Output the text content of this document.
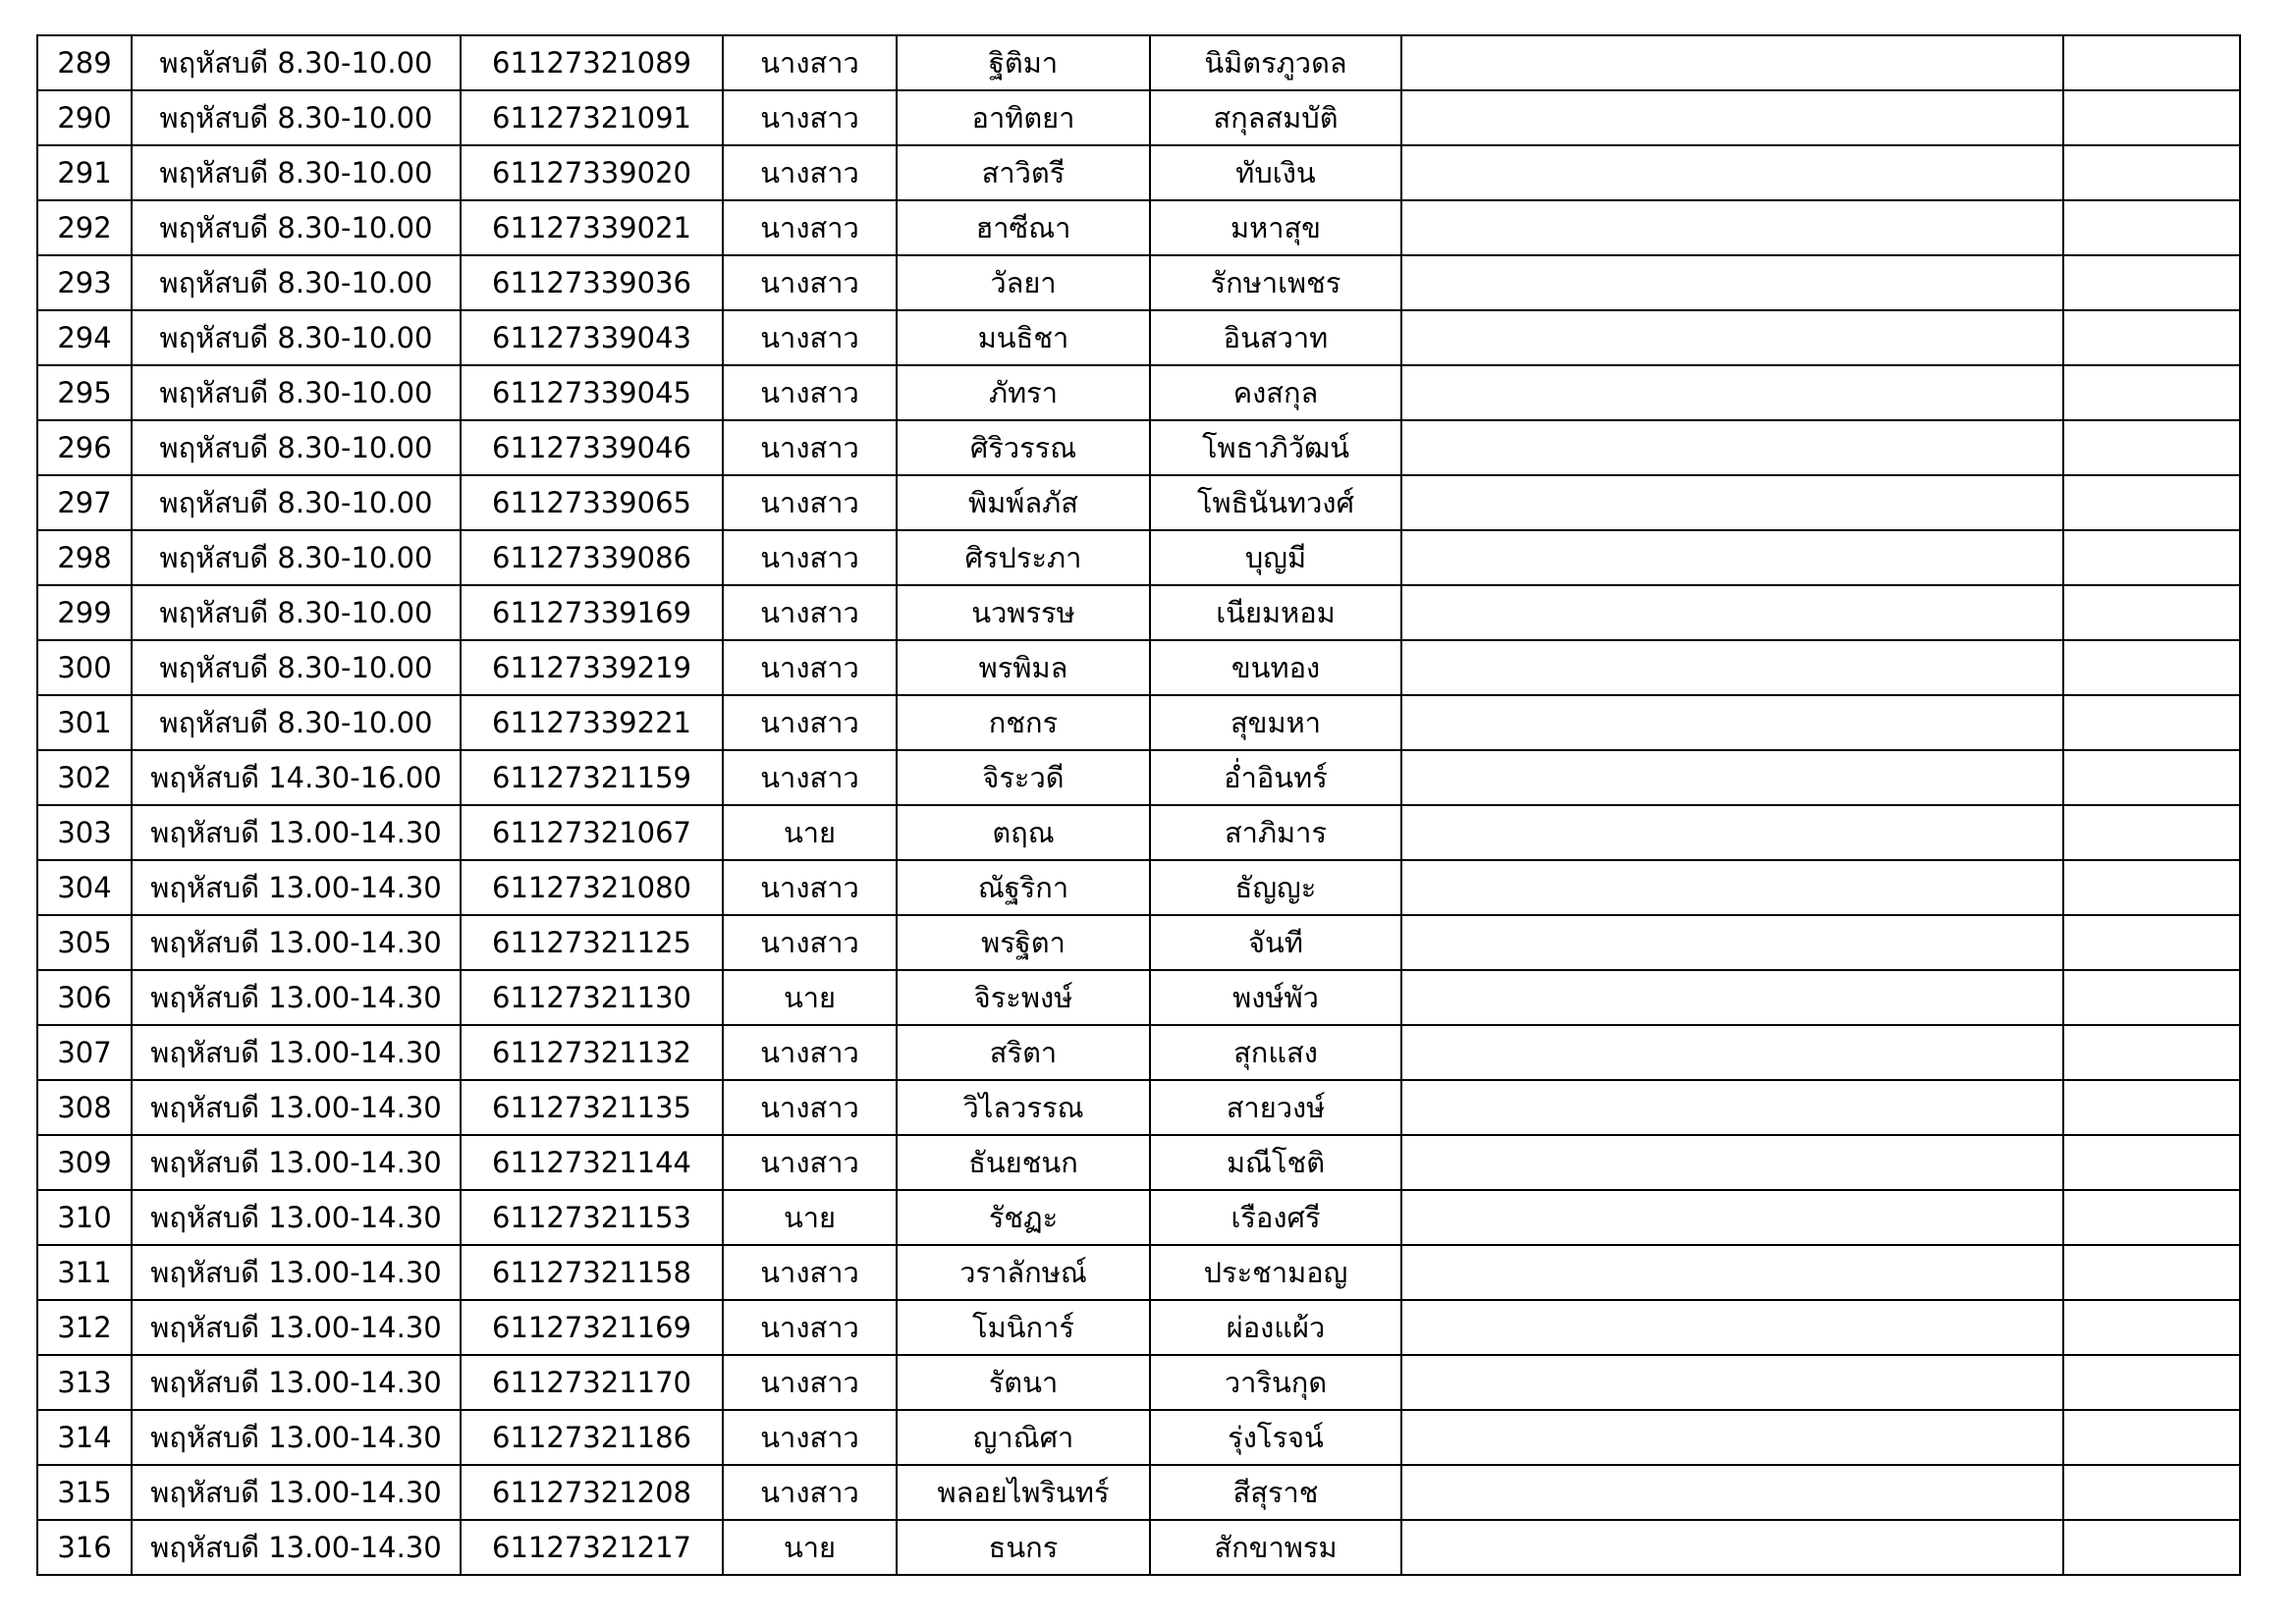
289	พฤหัสบดี 8.30-10.00	61127321089	นางสาว	ฐิติมา	นิมิตรภูวดล		
290	พฤหัสบดี 8.30-10.00	61127321091	นางสาว	อาทิตยา	สกุลสมบัติ		
291	พฤหัสบดี 8.30-10.00	61127339020	นางสาว	สาวิตรี	ทับเงิน		
292	พฤหัสบดี 8.30-10.00	61127339021	นางสาว	ฮาซีณา	มหาสุข		
293	พฤหัสบดี 8.30-10.00	61127339036	นางสาว	วัลยา	รักษาเพชร		
294	พฤหัสบดี 8.30-10.00	61127339043	นางสาว	มนธิชา	อินสวาท		
295	พฤหัสบดี 8.30-10.00	61127339045	นางสาว	ภัทรา	คงสกุล		
296	พฤหัสบดี 8.30-10.00	61127339046	นางสาว	ศิริวรรณ	โพธาภิวัฒน์		
297	พฤหัสบดี 8.30-10.00	61127339065	นางสาว	พิมพ์ลภัส	โพธินันทวงศ์		
298	พฤหัสบดี 8.30-10.00	61127339086	นางสาว	ศิรประภา	บุญมี		
299	พฤหัสบดี 8.30-10.00	61127339169	นางสาว	นวพรรษ	เนียมหอม		
300	พฤหัสบดี 8.30-10.00	61127339219	นางสาว	พรพิมล	ขนทอง		
301	พฤหัสบดี 8.30-10.00	61127339221	นางสาว	กชกร	สุขมหา		
302	พฤหัสบดี 14.30-16.00	61127321159	นางสาว	จิระวดี	อ่ำอินทร์		
303	พฤหัสบดี 13.00-14.30	61127321067	นาย	ตฤณ	สาภิมาร		
304	พฤหัสบดี 13.00-14.30	61127321080	นางสาว	ณัฐริกา	ธัญญะ		
305	พฤหัสบดี 13.00-14.30	61127321125	นางสาว	พรฐิตา	จันที		
306	พฤหัสบดี 13.00-14.30	61127321130	นาย	จิระพงษ์	พงษ์พัว		
307	พฤหัสบดี 13.00-14.30	61127321132	นางสาว	สริตา	สุกแสง		
308	พฤหัสบดี 13.00-14.30	61127321135	นางสาว	วิไลวรรณ	สายวงษ์		
309	พฤหัสบดี 13.00-14.30	61127321144	นางสาว	ธันยชนก	มณีโชติ		
310	พฤหัสบดี 13.00-14.30	61127321153	นาย	รัชฏะ	เรืองศรี		
311	พฤหัสบดี 13.00-14.30	61127321158	นางสาว	วราลักษณ์	ประชามอญ		
312	พฤหัสบดี 13.00-14.30	61127321169	นางสาว	โมนิการ์	ผ่องแผ้ว		
313	พฤหัสบดี 13.00-14.30	61127321170	นางสาว	รัตนา	วารินกุด		
314	พฤหัสบดี 13.00-14.30	61127321186	นางสาว	ญาณิศา	รุ่งโรจน์		
315	พฤหัสบดี 13.00-14.30	61127321208	นางสาว	พลอยไพรินทร์	สีสุราช		
316	พฤหัสบดี 13.00-14.30	61127321217	นาย	ธนกร	สักขาพรม		
